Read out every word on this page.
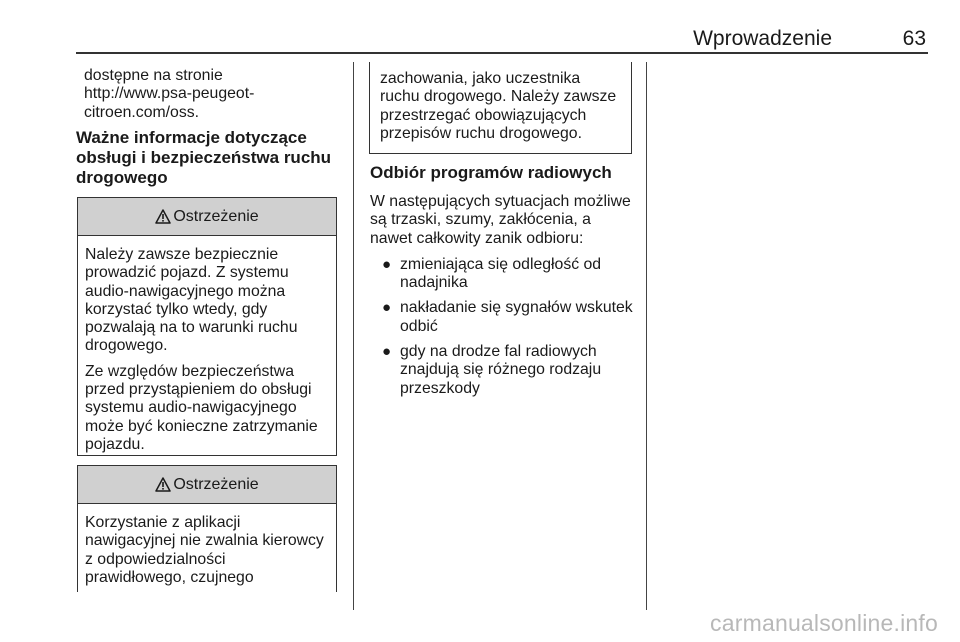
Wprowadzenie	63
dostępne na stronie
http://www.psa-peugeot-
citroen.com/oss.
Ważne informacje dotyczące
obsługi i bezpieczeństwa ruchu
drogowego
Ostrzeżenie

Należy zawsze bezpiecznie
prowadzić pojazd. Z systemu
audio-nawigacyjnego można
korzystać tylko wtedy, gdy
pozwalają na to warunki ruchu
drogowego.

Ze względów bezpieczeństwa
przed przystąpieniem do obsługi
systemu audio-nawigacyjnego
może być konieczne zatrzymanie
pojazdu.

Ostrzeżenie
Korzystanie z aplikacji
nawigacyjnej nie zwalnia kierowcy
z odpowiedzialności
prawidłowego, czujnego
zachowania, jako uczestnika
ruchu drogowego. Należy zawsze
przestrzegać obowiązujących
przepisów ruchu drogowego.
Odbiór programów radiowych
W następujących sytuacjach możliwe
są trzaski, szumy, zakłócenia, a
nawet całkowity zanik odbioru:
● zmieniająca się odległość od
nadajnika
● nakładanie się sygnałów wskutek
odbić
● gdy na drodze fal radiowych
znajdują się różnego rodzaju
przeszkody
carmanualsonline.info
